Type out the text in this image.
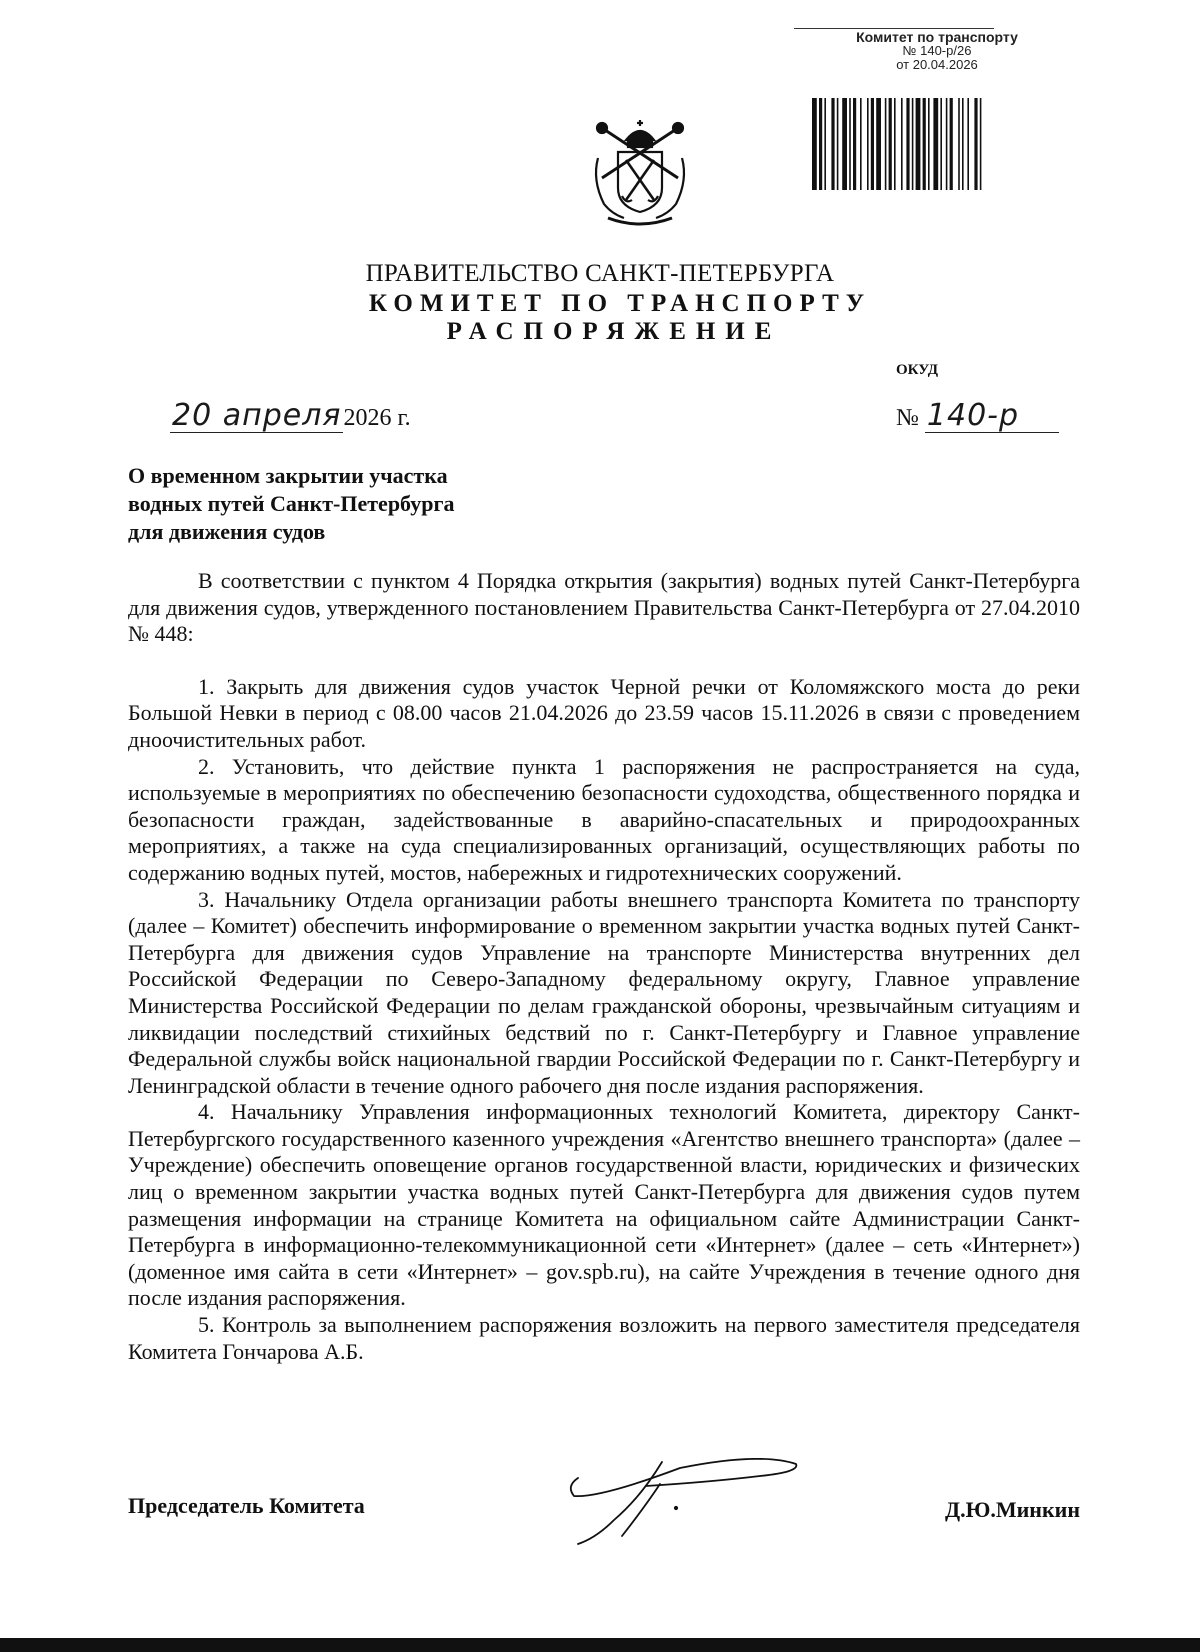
Комитет по транспорту
№ 140-р/26
от 20.04.2026
ПРАВИТЕЛЬСТВО САНКТ-ПЕТЕРБУРГА
КОМИТЕТ ПО ТРАНСПОРТУ
РАСПОРЯЖЕНИЕ
ОКУД
20 апреля2026 г.	№ 140-р
О временном закрытии участка
водных путей Санкт-Петербурга
для движения судов

В соответствии с пунктом 4 Порядка открытия (закрытия) водных путей Санкт-Петербурга для движения судов, утвержденного постановлением Правительства Санкт-Петербурга от 27.04.2010 № 448:

1. Закрыть для движения судов участок Черной речки от Коломяжского моста до реки Большой Невки в период с 08.00 часов 21.04.2026 до 23.59 часов 15.11.2026 в связи с проведением дноочистительных работ.

2. Установить, что действие пункта 1 распоряжения не распространяется на суда, используемые в мероприятиях по обеспечению безопасности судоходства, общественного порядка и безопасности граждан, задействованные в аварийно-спасательных и природоохранных мероприятиях, а также на суда специализированных организаций, осуществляющих работы по содержанию водных путей, мостов, набережных и гидротехнических сооружений.

3. Начальнику Отдела организации работы внешнего транспорта Комитета по транспорту (далее – Комитет) обеспечить информирование о временном закрытии участка водных путей Санкт-Петербурга для движения судов Управление на транспорте Министерства внутренних дел Российской Федерации по Северо-Западному федеральному округу, Главное управление Министерства Российской Федерации по делам гражданской обороны, чрезвычайным ситуациям и ликвидации последствий стихийных бедствий по г. Санкт-Петербургу и Главное управление Федеральной службы войск национальной гвардии Российской Федерации по г. Санкт-Петербургу и Ленинградской области в течение одного рабочего дня после издания распоряжения.

4. Начальнику Управления информационных технологий Комитета, директору Санкт-Петербургского государственного казенного учреждения «Агентство внешнего транспорта» (далее – Учреждение) обеспечить оповещение органов государственной власти, юридических и физических лиц о временном закрытии участка водных путей Санкт-Петербурга для движения судов путем размещения информации на странице Комитета на официальном сайте Администрации Санкт-Петербурга в информационно-телекоммуникационной сети «Интернет» (далее – сеть «Интернет») (доменное имя сайта в сети «Интернет» – gov.spb.ru), на сайте Учреждения в течение одного дня после издания распоряжения.

5. Контроль за выполнением распоряжения возложить на первого заместителя председателя Комитета Гончарова А.Б.

Председатель Комитета	Д.Ю.Минкин
